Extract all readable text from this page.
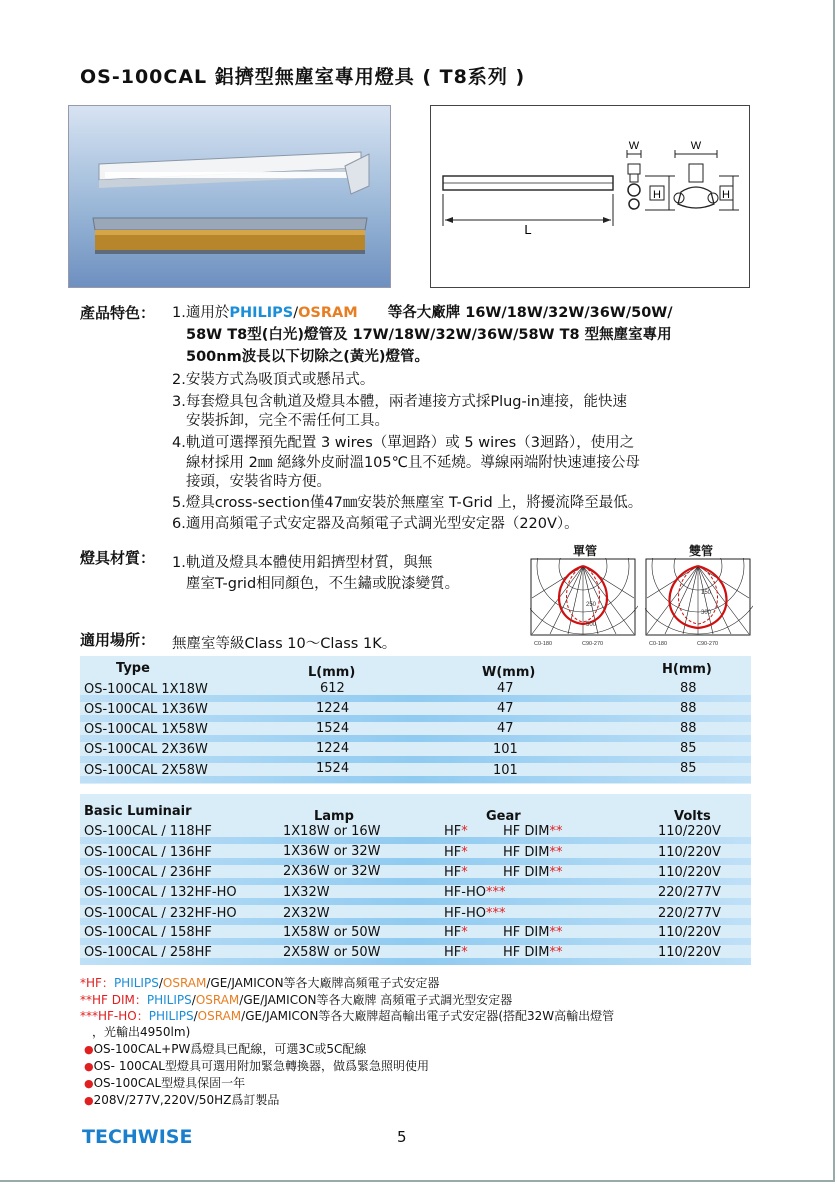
OS-100CAL 鋁擠型無塵室專用燈具 ( T8系列 )
L
W
H
W
H
產品特色： 1.適用於PHILIPS/OSRAM 等各大廠牌 16W/18W/32W/36W/50W/
58W T8型(白光)燈管及 17W/18W/32W/36W/58W T8 型無塵室專用
500nm波長以下切除之(黃光)燈管。
2.安裝方式為吸頂式或懸吊式。
3.每套燈具包含軌道及燈具本體，兩者連接方式採Plug-in連接，能快速
安裝拆卸，完全不需任何工具。
4.軌道可選擇預先配置 3 wires（單迴路）或 5 wires（3迴路），使用之
線材採用 2㎜ 絕緣外皮耐溫105℃且不延燒。導線兩端附快速連接公母
接頭，安裝省時方便。
5.燈具cross-section僅47㎜安裝於無塵室 T-Grid 上，將擾流降至最低。
6.適用高頻電子式安定器及高頻電子式調光型安定器（220V）。
燈具材質： 1.軌道及燈具本體使用鋁擠型材質，與無
塵室T-grid相同顏色，不生鏽或脫漆變質。
適用場所： 無塵室等級Class 10～Class 1K。
單管	雙管
250
500
C0-180	C90-270
150
300
C0-180	C90-270
Type	L(mm)	W(mm)	H(mm)
OS-100CAL 1X18W	612	47	88
OS-100CAL 1X36W	1224	47	88
OS-100CAL 1X58W	1524	47	88
OS-100CAL 2X36W	1224	101	85
OS-100CAL 2X58W	1524	101	85
Basic Luminair	Lamp	Gear	Volts
OS-100CAL / 118HF	1X18W or 16W	HF*	HF DIM**	110/220V
OS-100CAL / 136HF	1X36W or 32W	HF*	HF DIM**	110/220V
OS-100CAL / 236HF	2X36W or 32W	HF*	HF DIM**	110/220V
OS-100CAL / 132HF-HO	1X32W	HF-HO***	220/277V
OS-100CAL / 232HF-HO	2X32W	HF-HO***	220/277V
OS-100CAL / 158HF	1X58W or 50W	HF*	HF DIM**	110/220V
OS-100CAL / 258HF	2X58W or 50W	HF*	HF DIM**	110/220V
*HF：PHILIPS/OSRAM/GE/JAMICON等各大廠牌高頻電子式安定器
**HF DIM：PHILIPS/OSRAM/GE/JAMICON等各大廠牌 高頻電子式調光型安定器
***HF-HO：PHILIPS/OSRAM/GE/JAMICON等各大廠牌超高輸出電子式安定器(搭配32W高輸出燈管
，光輸出4950lm)
●OS-100CAL+PW爲燈具已配線，可選3C或5C配線
●OS- 100CAL型燈具可選用附加緊急轉換器，做爲緊急照明使用
●OS-100CAL型燈具保固一年
●208V/277V,220V/50HZ爲訂製品
TECHWISE	5
